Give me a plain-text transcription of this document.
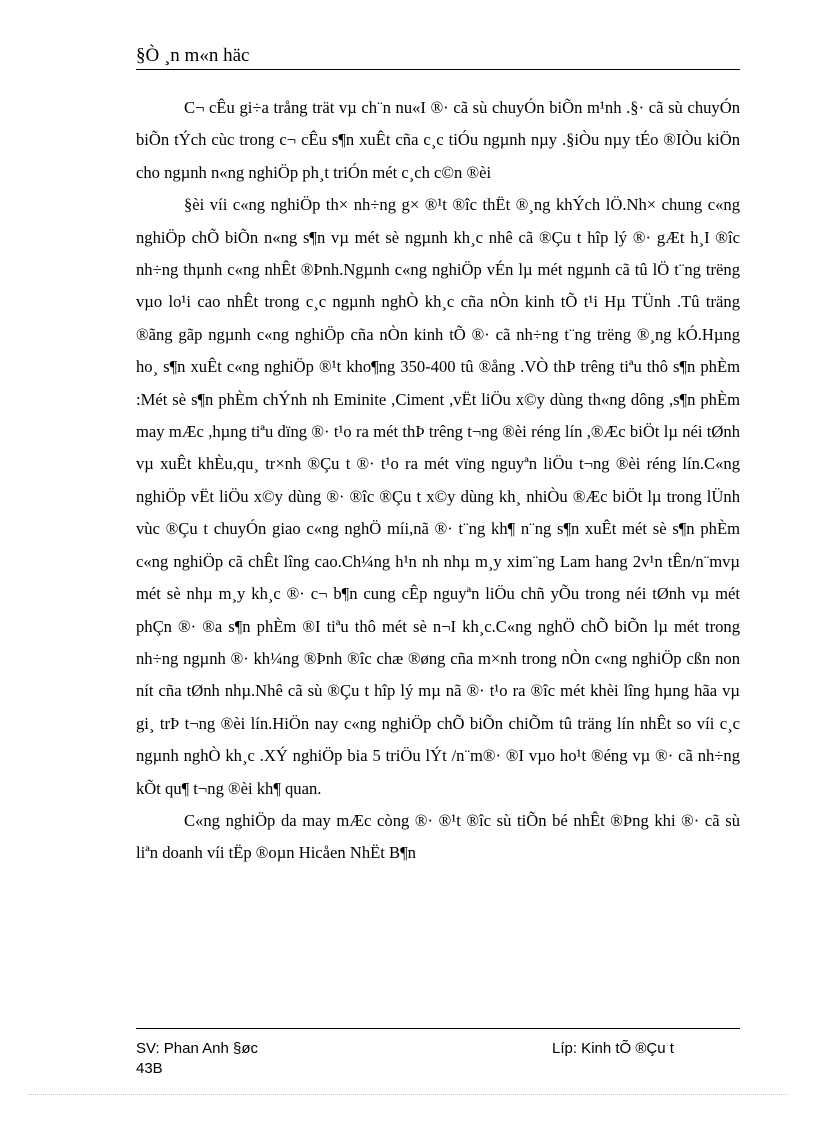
§Ò ¸n m«n häc

C¬ cÊu gi÷a trång trät vµ ch¨n nu«I ®· cã sù chuyÓn biÕn m¹nh .§· cã sù chuyÓn biÕn tÝch cùc trong c¬ cÊu s¶n xuÊt cña c¸c tiÓu ngµnh nµy .§iÒu nµy tÉo ®IÒu kiÖn cho ngµnh n«ng nghiÖp ph¸t triÓn mét c¸ch c©n ®èi

§èi víi c«ng nghiÖp th× nh÷ng g× ®¹t ®îc thËt ®¸ng khÝch lÖ.Nh× chung c«ng nghiÖp chÕ biÕn n«ng s¶n vµ mét sè ngµnh kh¸c nhê cã ®Çu t hîp lý ®· gÆt h¸I ®îc nh÷ng thµnh c«ng nhÊt ®Þnh.Ngµnh c«ng nghiÖp vÉn lµ mét ngµnh cã tû lÖ t¨ng trëng vµo lo¹i cao nhÊt trong c¸c ngµnh nghÒ kh¸c cña nÒn kinh tÕ t¹i Hµ TÜnh .Tû träng ®ãng gãp ngµnh c«ng nghiÖp cña nÒn kinh tÕ ®· cã nh÷ng t¨ng trëng ®¸ng kÓ.Hµng ho¸ s¶n xuÊt c«ng nghiÖp ®¹t kho¶ng 350-400 tû ®ång .VÒ thÞ trêng tiªu thô s¶n phÈm :Mét sè s¶n phÈm chÝnh nh Eminite ,Ciment ,vËt liÖu x©y dùng th«ng dông ,s¶n phÈm may mÆc ,hµng tiªu dïng ®· t¹o ra mét thÞ trêng t¬ng ®èi réng lín ,®Æc biÖt lµ néi tØnh vµ xuÊt khÈu,qu¸ tr×nh ®Çu t ®· t¹o ra mét vïng nguyªn liÖu t¬ng ®èi réng lín.C«ng nghiÖp vËt liÖu x©y dùng ®· ®îc ®Çu t x©y dùng kh¸ nhiÒu ®Æc biÖt lµ trong lÜnh vùc ®Çu t chuyÓn giao c«ng nghÖ míi,nã ®· t¨ng kh¶ n¨ng s¶n xuÊt mét sè s¶n phÈm c«ng nghiÖp cã chÊt lîng cao.Ch¼ng h¹n nh nhµ m¸y xim¨ng Lam hang 2v¹n tÊn/n¨mvµ mét sè nhµ m¸y kh¸c ®· c¬ b¶n cung cÊp nguyªn liÖu chñ yÕu trong néi tØnh vµ mét phÇn ®· ®a s¶n phÈm ®I tiªu thô mét sè n¬I kh¸c.C«ng nghÖ chÕ biÕn lµ mét trong nh÷ng ngµnh ®· kh¼ng ®Þnh ®îc chæ ®øng cña m×nh trong nÒn c«ng nghiÖp cßn non nít cña tØnh nhµ.Nhê cã sù ®Çu t hîp lý mµ nã ®· t¹o ra ®îc mét khèi lîng hµng hãa vµ gi¸ trÞ t¬ng ®èi lín.HiÖn nay c«ng nghiÖp chÕ biÕn chiÕm tû träng lín nhÊt so víi c¸c ngµnh nghÒ kh¸c .XÝ nghiÖp bia 5 triÖu lÝt /n¨m®· ®I vµo ho¹t ®éng vµ ®· cã nh÷ng kÕt qu¶ t¬ng ®èi kh¶ quan.

C«ng nghiÖp da may mÆc còng ®· ®¹t ®îc sù tiÕn bé nhÊt ®Þng khi ®· cã sù liªn doanh víi tËp ®oµn Hicåen NhËt B¶n

SV: Phan Anh §øc
43B
Líp: Kinh tÕ ®Çu t
